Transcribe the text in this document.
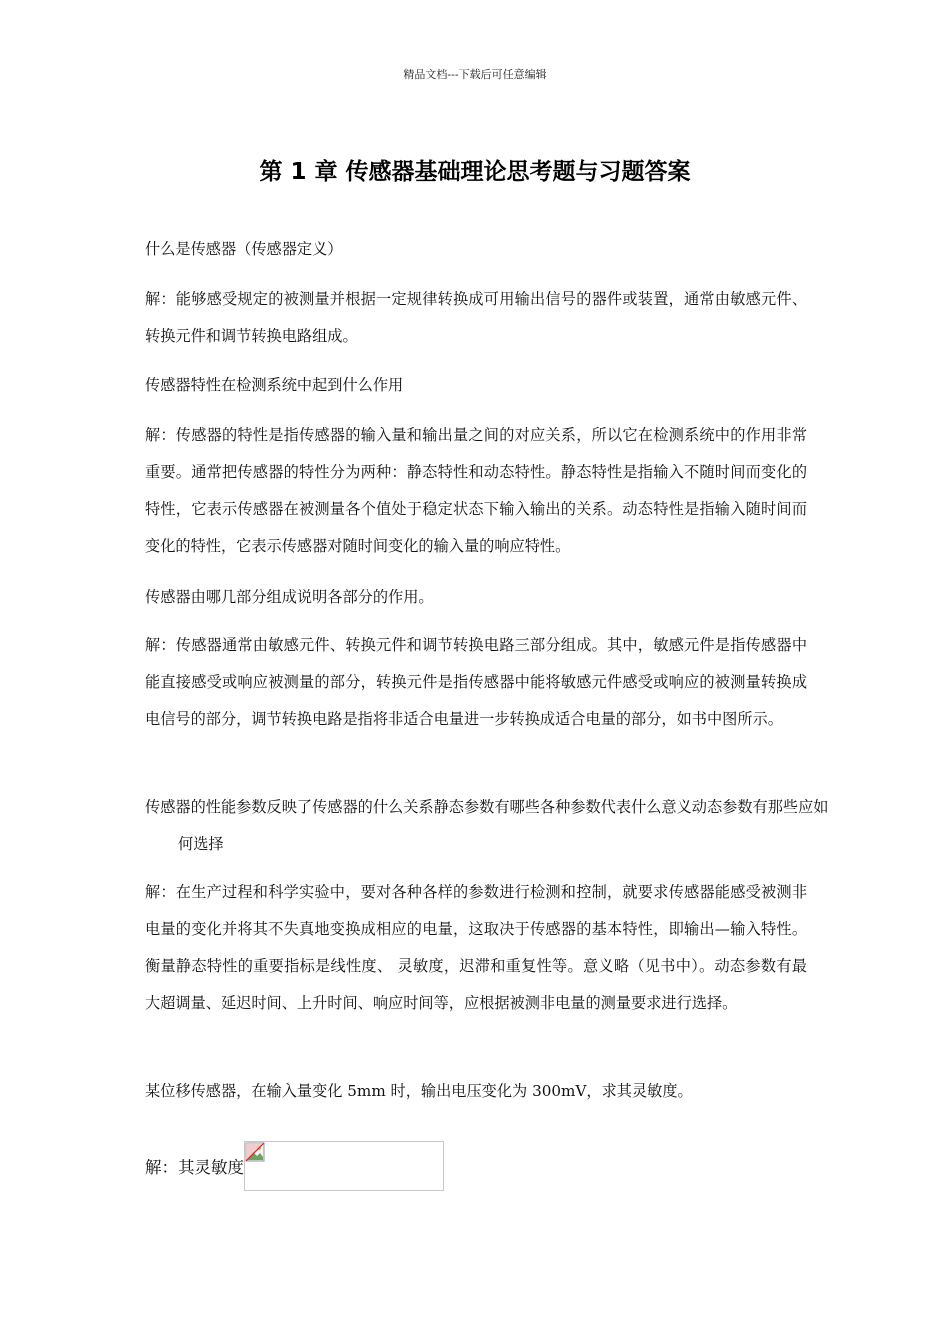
精品文档---下载后可任意编辑
第 1 章 传感器基础理论思考题与习题答案

什么是传感器（传感器定义）

解：能够感受规定的被测量并根据一定规律转换成可用输出信号的器件或装置，通常由敏感元件、转换元件和调节转换电路组成。

传感器特性在检测系统中起到什么作用

解：传感器的特性是指传感器的输入量和输出量之间的对应关系，所以它在检测系统中的作用非常重要。通常把传感器的特性分为两种：静态特性和动态特性。静态特性是指输入不随时间而变化的特性，它表示传感器在被测量各个值处于稳定状态下输入输出的关系。动态特性是指输入随时间而变化的特性，它表示传感器对随时间变化的输入量的响应特性。

传感器由哪几部分组成说明各部分的作用。

解：传感器通常由敏感元件、转换元件和调节转换电路三部分组成。其中，敏感元件是指传感器中能直接感受或响应被测量的部分，转换元件是指传感器中能将敏感元件感受或响应的被测量转换成电信号的部分，调节转换电路是指将非适合电量进一步转换成适合电量的部分，如书中图所示。

传感器的性能参数反映了传感器的什么关系静态参数有哪些各种参数代表什么意义动态参数有那些应如何选择

解：在生产过程和科学实验中，要对各种各样的参数进行检测和控制，就要求传感器能感受被测非电量的变化并将其不失真地变换成相应的电量，这取决于传感器的基本特性，即输出—输入特性。衡量静态特性的重要指标是线性度、 灵敏度，迟滞和重复性等。意义略（见书中）。动态参数有最大超调量、延迟时间、上升时间、响应时间等，应根据被测非电量的测量要求进行选择。

某位移传感器，在输入量变化 5mm 时，输出电压变化为 300mV，求其灵敏度。

解：其灵敏度
